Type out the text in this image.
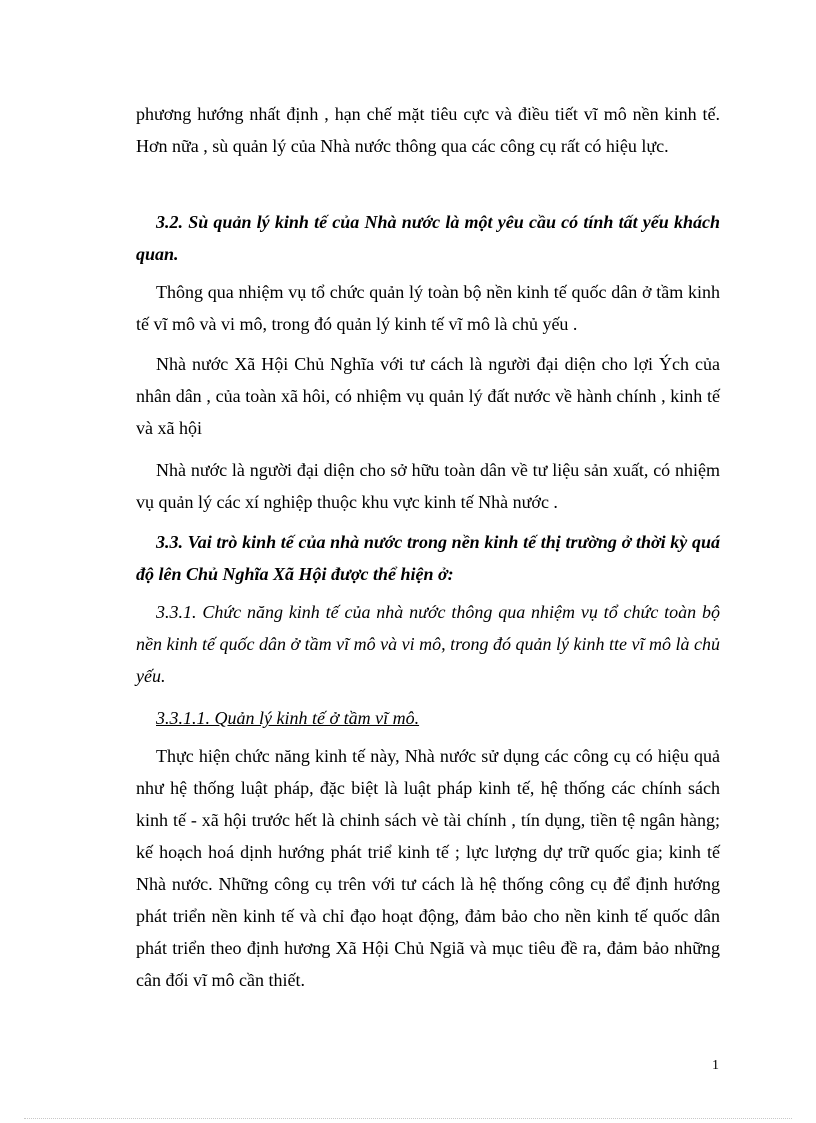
phương hướng nhất định , hạn chế mặt tiêu cực và điều tiết vĩ mô nền kinh tế. Hơn nữa , sù quản lý của Nhà nước thông qua các công cụ rất có hiệu lực.

3.2. Sù quản lý kinh tế của Nhà nước là một yêu cầu có tính tất yếu khách quan.

Thông qua nhiệm vụ tổ chức quản lý toàn bộ nền kinh tế quốc dân ở tầm kinh tế vĩ mô và vi mô, trong đó quản lý kinh tế vĩ mô là chủ yếu .

Nhà nước Xã Hội Chủ Nghĩa với tư cách là người đại diện cho lợi Ých của nhân dân , của toàn xã hôi, có nhiệm vụ quản lý đất nước về hành chính , kinh tế và xã hội

Nhà nước là người đại diện cho sở hữu toàn dân về tư liệu sản xuất, có nhiệm vụ quản lý các xí nghiệp thuộc khu vực kinh tế Nhà nước .

3.3. Vai trò kinh tế của nhà nước trong nền kinh tế thị trường ở thời kỳ quá độ lên Chủ Nghĩa Xã Hội được thể hiện ở:

3.3.1. Chức năng kinh tế của nhà nước thông qua nhiệm vụ tổ chức toàn bộ nền kinh tế quốc dân ở tầm vĩ mô và vi mô, trong đó quản lý kinh tte vĩ mô là chủ yếu.

3.3.1.1. Quản lý kinh tế ở tầm vĩ mô.

Thực hiện chức năng kinh tế này, Nhà nước sử dụng các công cụ có hiệu quả như hệ thống luật pháp, đặc biệt là luật pháp kinh tế, hệ thống các chính sách kinh tế - xã hội trước hết là chinh sách vè tài chính , tín dụng, tiền tệ ngân hàng; kế hoạch hoá dịnh hướng phát triể kinh tế ; lực lượng dự trữ quốc gia; kinh tế Nhà nước. Những công cụ trên với tư cách là hệ thống công cụ để định hướng phát triển nền kinh tế và chỉ đạo hoạt động, đảm bảo cho nền kinh tế quốc dân phát triển theo định hương Xã Hội Chủ Ngiã và mục tiêu đề ra, đảm bảo những cân đối vĩ mô cần thiết.

1
